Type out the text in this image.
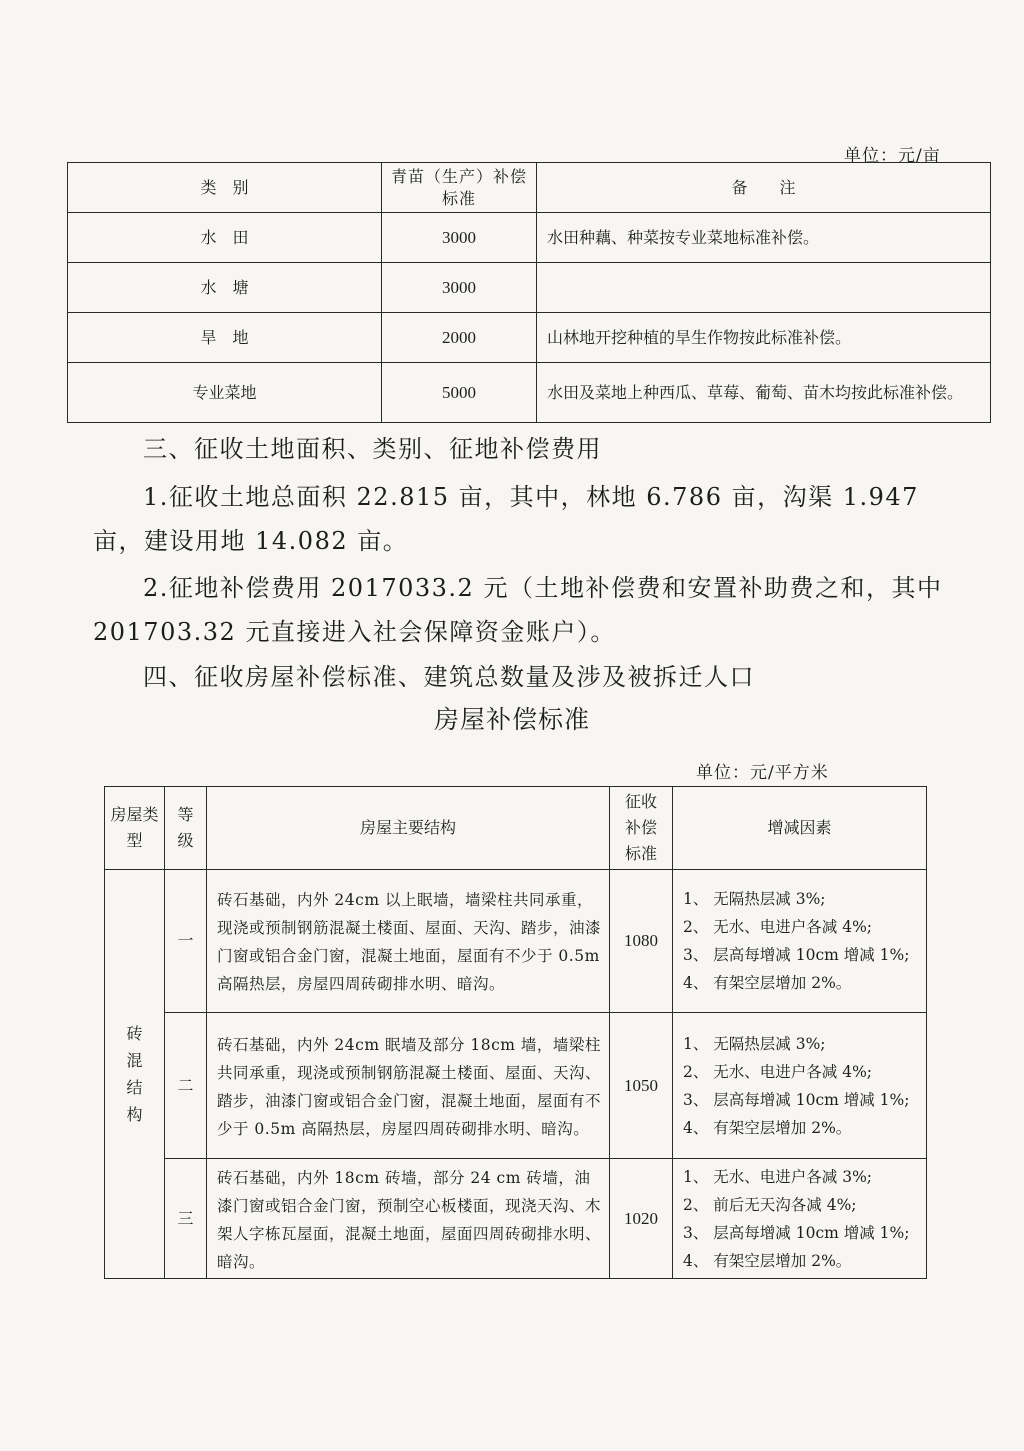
单位：元/亩
类　别	青苗（生产）补偿标准	备　　注
水　田	3000	水田种藕、种菜按专业菜地标准补偿。
水　塘	3000	
旱　地	2000	山林地开挖种植的旱生作物按此标准补偿。
专业菜地	5000	水田及菜地上种西瓜、草莓、葡萄、苗木均按此标准补偿。

三、征收土地面积、类别、征地补偿费用

1.征收土地总面积 22.815 亩，其中，林地 6.786 亩，沟渠 1.947 亩，建设用地 14.082 亩。

2.征地补偿费用 2017033.2 元（土地补偿费和安置补助费之和，其中 201703.32 元直接进入社会保障资金账户）。

四、征收房屋补偿标准、建筑总数量及涉及被拆迁人口

房屋补偿标准
单位：元/平方米
房屋类型	等级	房屋主要结构	征收补偿标准	增减因素
砖混结构	一	砖石基础，内外 24cm 以上眠墙，墙梁柱共同承重，现浇或预制钢筋混凝土楼面、屋面、天沟、踏步，油漆门窗或铝合金门窗，混凝土地面，屋面有不少于 0.5m 高隔热层，房屋四周砖砌排水明、暗沟。	1080	1、 无隔热层减 3%;
2、 无水、电进户各减 4%;
3、 层高每增减 10cm 增减 1%;
4、 有架空层增加 2%。

	二	砖石基础，内外 24cm 眠墙及部分 18cm 墙，墙梁柱共同承重，现浇或预制钢筋混凝土楼面、屋面、天沟、踏步，油漆门窗或铝合金门窗，混凝土地面，屋面有不少于 0.5m 高隔热层，房屋四周砖砌排水明、暗沟。	1050	1、 无隔热层减 3%;
2、 无水、电进户各减 4%;
3、 层高每增减 10cm 增减 1%;
4、 有架空层增加 2%。

	三	砖石基础，内外 18cm 砖墙，部分 24 cm 砖墙，油漆门窗或铝合金门窗，预制空心板楼面，现浇天沟、木架人字栋瓦屋面，混凝土地面，屋面四周砖砌排水明、暗沟。	1020	1、 无水、电进户各减 3%;
2、 前后无天沟各减 4%;
3、 层高每增减 10cm 增减 1%;
4、 有架空层增加 2%。
